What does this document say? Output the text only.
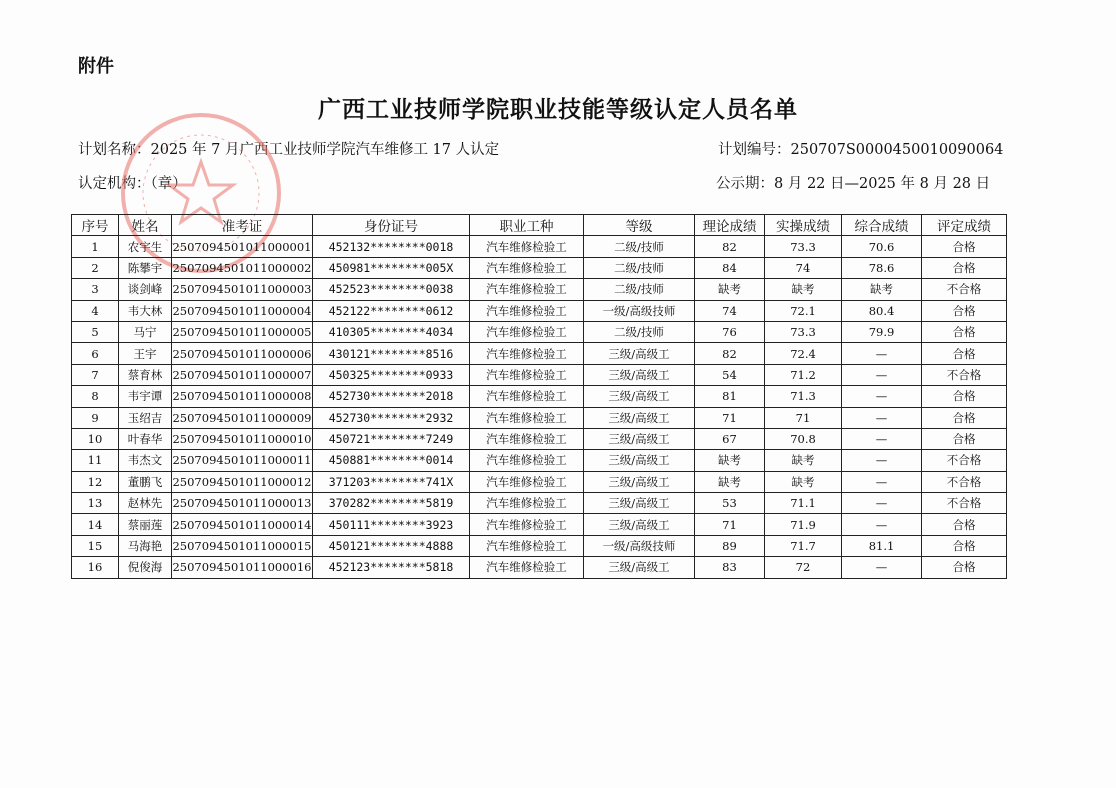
附件
广西工业技师学院职业技能等级认定人员名单
计划名称：2025 年 7 月广西工业技师学院汽车维修工 17 人认定	计划编号：250707S0000450010090064
认定机构：（章）	公示期：8 月 22 日—2025 年 8 月 28 日
序号	姓名	准考证	身份证号	职业工种	等级	理论成绩	实操成绩	综合成绩	评定成绩
1	农宇生	2507094501011000001	452132********0018	汽车维修检验工	二级/技师	82	73.3	70.6	合格
2	陈攀宇	2507094501011000002	450981********005X	汽车维修检验工	二级/技师	84	74	78.6	合格
3	谈剑峰	2507094501011000003	452523********0038	汽车维修检验工	二级/技师	缺考	缺考	缺考	不合格
4	韦大林	2507094501011000004	452122********0612	汽车维修检验工	一级/高级技师	74	72.1	80.4	合格
5	马宁	2507094501011000005	410305********4034	汽车维修检验工	二级/技师	76	73.3	79.9	合格
6	王宇	2507094501011000006	430121********8516	汽车维修检验工	三级/高级工	82	72.4	—	合格
7	蔡育林	2507094501011000007	450325********0933	汽车维修检验工	三级/高级工	54	71.2	—	不合格
8	韦宇谭	2507094501011000008	452730********2018	汽车维修检验工	三级/高级工	81	71.3	—	合格
9	玉绍吉	2507094501011000009	452730********2932	汽车维修检验工	三级/高级工	71	71	—	合格
10	叶春华	2507094501011000010	450721********7249	汽车维修检验工	三级/高级工	67	70.8	—	合格
11	韦杰文	2507094501011000011	450881********0014	汽车维修检验工	三级/高级工	缺考	缺考	—	不合格
12	董鹏飞	2507094501011000012	371203********741X	汽车维修检验工	三级/高级工	缺考	缺考	—	不合格
13	赵林先	2507094501011000013	370282********5819	汽车维修检验工	三级/高级工	53	71.1	—	不合格
14	蔡丽莲	2507094501011000014	450111********3923	汽车维修检验工	三级/高级工	71	71.9	—	合格
15	马海艳	2507094501011000015	450121********4888	汽车维修检验工	一级/高级技师	89	71.7	81.1	合格
16	倪俊海	2507094501011000016	452123********5818	汽车维修检验工	三级/高级工	83	72	—	合格
